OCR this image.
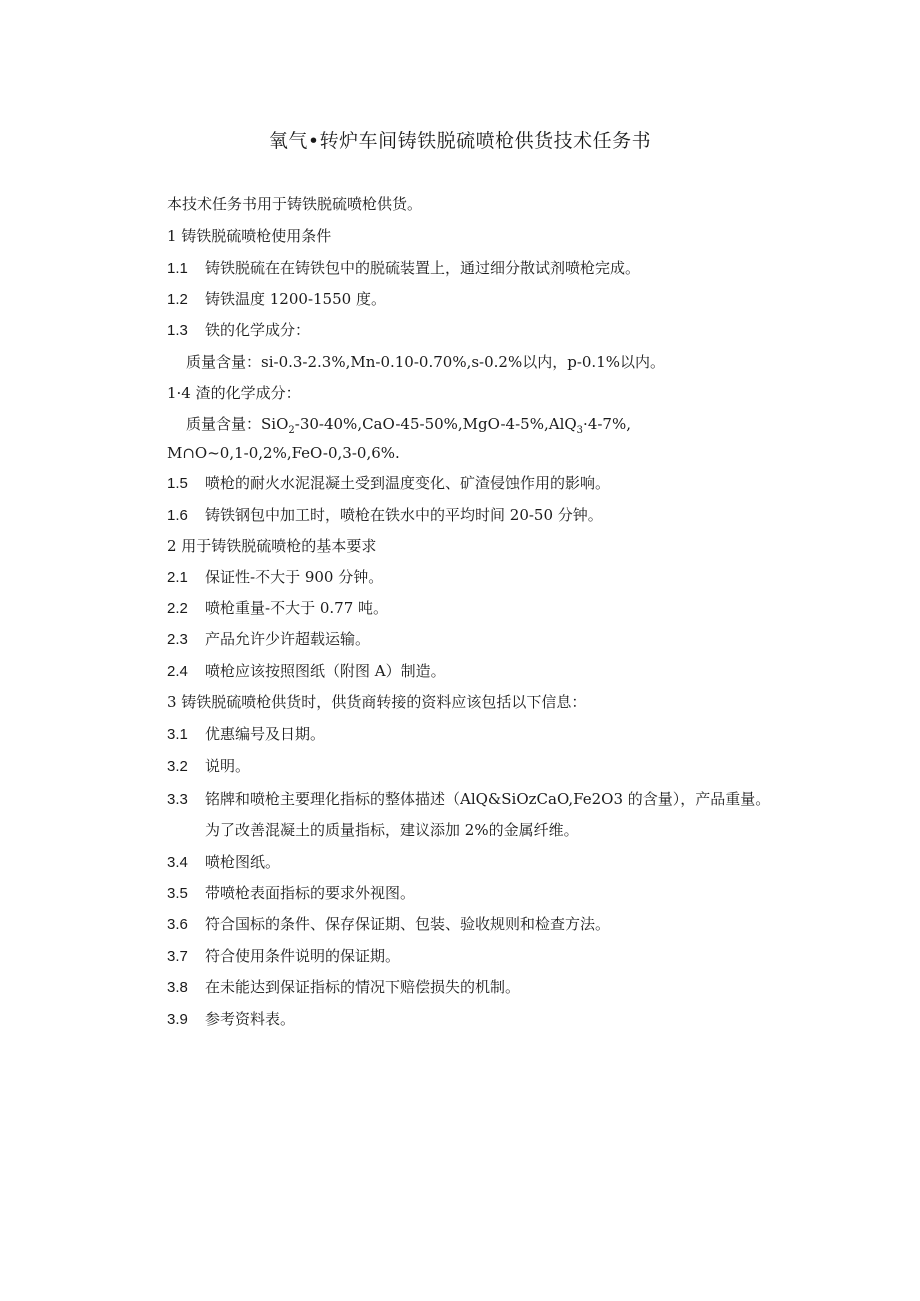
氧气•转炉车间铸铁脱硫喷枪供货技术任务书
本技术任务书用于铸铁脱硫喷枪供货。
1 铸铁脱硫喷枪使用条件
1.1 铸铁脱硫在在铸铁包中的脱硫装置上，通过细分散试剂喷枪完成。
1.2 铸铁温度 1200-1550 度。
1.3 铁的化学成分：
质量含量：si-0.3-2.3%,Mn-0.10-0.70%,s-0.2%以内，p-0.1%以内。
1·4 渣的化学成分：
质量含量：SiO$_2$-30-40%,CaO-45-50%,MgO-4-5%,AlQ$_3$·4-7%,
M∩O~0,1-0,2%,FeO-0,3-0,6%.
1.5 喷枪的耐火水泥混凝土受到温度变化、矿渣侵蚀作用的影响。
1.6 铸铁钢包中加工时，喷枪在铁水中的平均时间 20-50 分钟。
2 用于铸铁脱硫喷枪的基本要求
2.1 保证性-不大于 900 分钟。
2.2 喷枪重量-不大于 0.77 吨。
2.3 产品允许少许超载运输。
2.4 喷枪应该按照图纸（附图 A）制造。
3 铸铁脱硫喷枪供货时，供货商转接的资料应该包括以下信息：
3.1 优惠编号及日期。
3.2 说明。
3.3 铭牌和喷枪主要理化指标的整体描述（AlQ&SiOzCaO,Fe2O3 的含量），产品重量。
为了改善混凝土的质量指标，建议添加 2%的金属纤维。
3.4 喷枪图纸。
3.5 带喷枪表面指标的要求外视图。
3.6 符合国标的条件、保存保证期、包装、验收规则和检查方法。
3.7 符合使用条件说明的保证期。
3.8 在未能达到保证指标的情况下赔偿损失的机制。
3.9 参考资料表。
